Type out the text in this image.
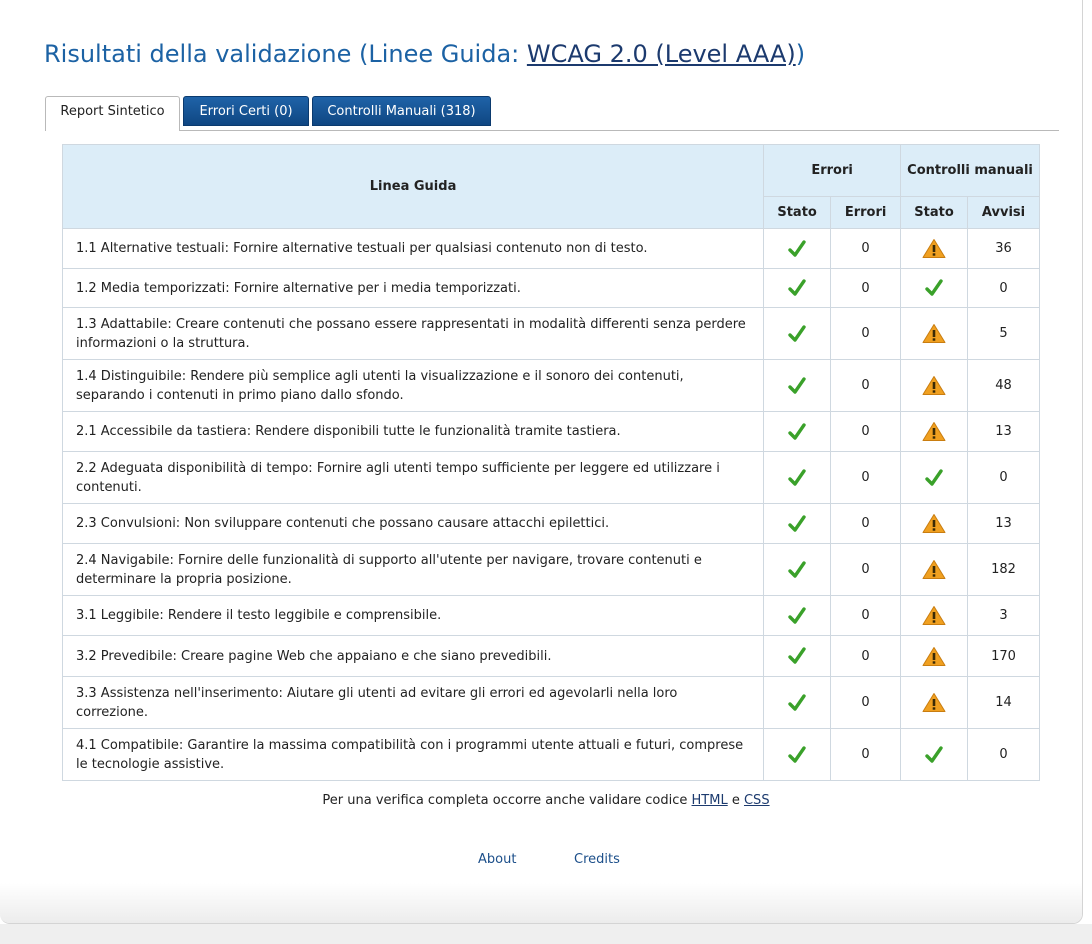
Risultati della validazione (Linee Guida: WCAG 2.0 (Level AAA))
Report Sintetico	Errori Certi (0)	Controlli Manuali (318)
Linea Guida	Errori		Controlli manuali	
	Stato	Errori	Stato	Avvisi
1.1 Alternative testuali: Fornire alternative testuali per qualsiasi contenuto non di testo.		0		36
1.2 Media temporizzati: Fornire alternative per i media temporizzati.		0		0
1.3 Adattabile: Creare contenuti che possano essere rappresentati in modalità differenti senza perdere informazioni o la struttura.		0		5
1.4 Distinguibile: Rendere più semplice agli utenti la visualizzazione e il sonoro dei contenuti, separando i contenuti in primo piano dallo sfondo.		0		48
2.1 Accessibile da tastiera: Rendere disponibili tutte le funzionalità tramite tastiera.		0		13
2.2 Adeguata disponibilità di tempo: Fornire agli utenti tempo sufficiente per leggere ed utilizzare i contenuti.		0		0
2.3 Convulsioni: Non sviluppare contenuti che possano causare attacchi epilettici.		0		13
2.4 Navigabile: Fornire delle funzionalità di supporto all'utente per navigare, trovare contenuti e determinare la propria posizione.		0		182
3.1 Leggibile: Rendere il testo leggibile e comprensibile.		0		3
3.2 Prevedibile: Creare pagine Web che appaiano e che siano prevedibili.		0		170
3.3 Assistenza nell'inserimento: Aiutare gli utenti ad evitare gli errori ed agevolarli nella loro correzione.		0		14
4.1 Compatibile: Garantire la massima compatibilità con i programmi utente attuali e futuri, comprese le tecnologie assistive.		0		0
Per una verifica completa occorre anche validare codice HTML e CSS
About	Credits
